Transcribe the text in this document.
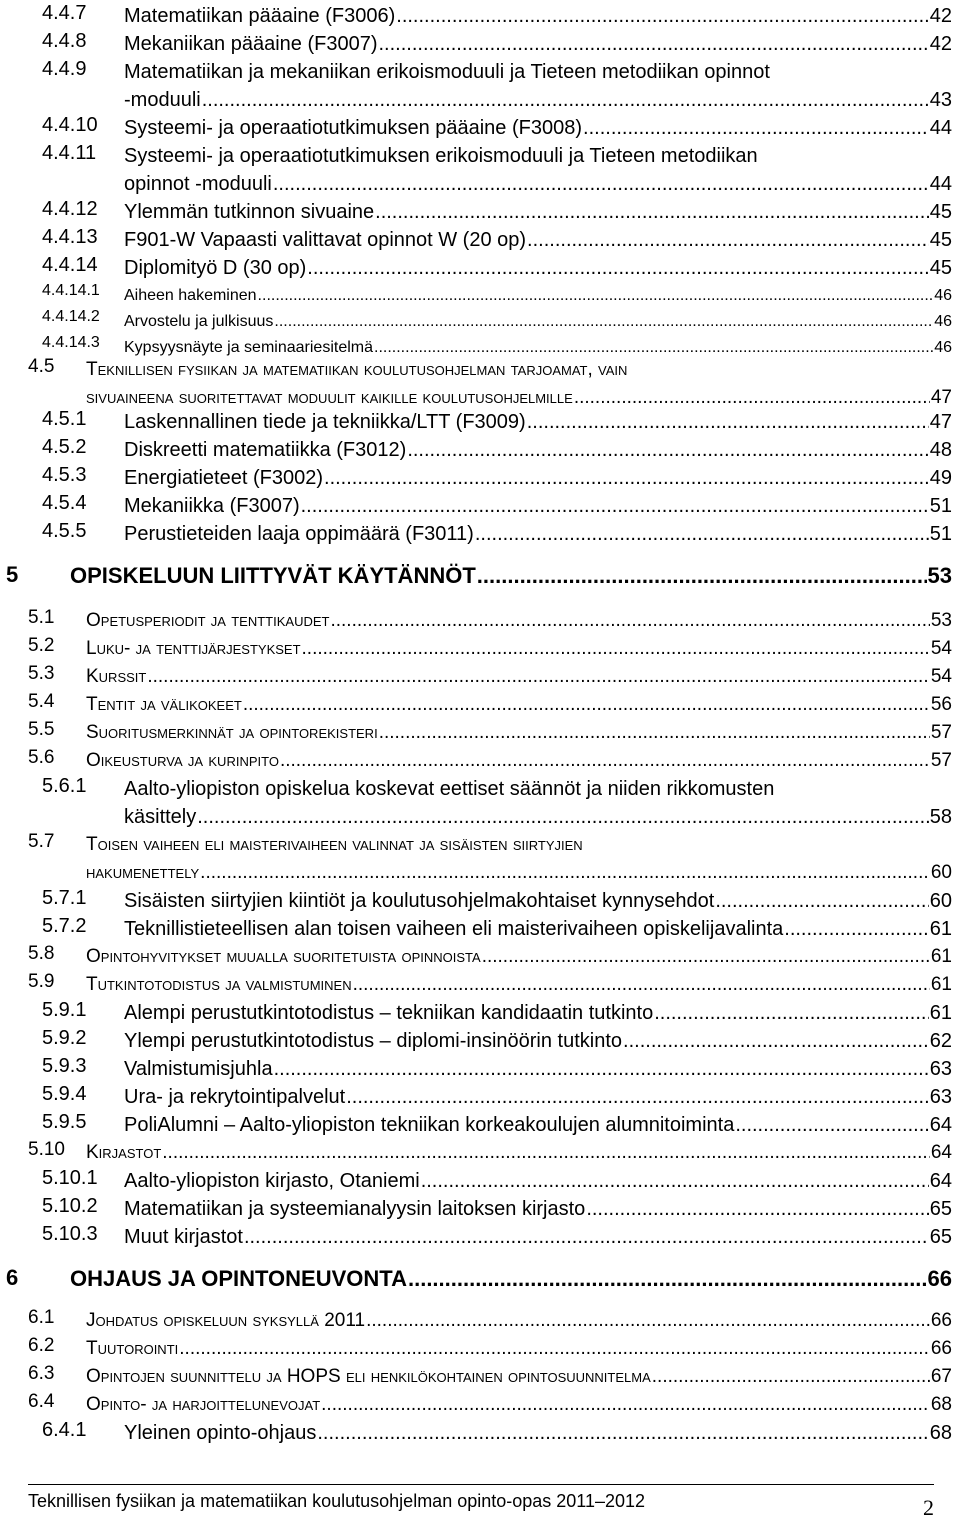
4.4.7 Matematiikan pääaine (F3006) .....	42
4.4.8 Mekaniikan pääaine (F3007) .....	42
4.4.9 Matematiikan ja mekaniikan erikoismoduuli ja Tieteen metodiikan opinnot
-moduuli .....	43
4.4.10 Systeemi- ja operaatiotutkimuksen pääaine (F3008) .....	44
4.4.11 Systeemi- ja operaatiotutkimuksen erikoismoduuli ja Tieteen metodiikan
opinnot -moduuli .....	44
4.4.12 Ylemmän tutkinnon sivuaine .....	45
4.4.13 F901-W Vapaasti valittavat opinnot W (20 op) .....	45
4.4.14 Diplomityö D (30 op) .....	45
4.4.14.1 Aiheen hakeminen .....	46
4.4.14.2 Arvostelu ja julkisuus .....	46
4.4.14.3 Kypsyysnäyte ja seminaariesitelmä .....	46
4.5 Teknillisen fysiikan ja matematiikan koulutusohjelman tarjoamat, vain
sivuaineena suoritettavat moduulit kaikille koulutusohjelmille .....	47
4.5.1 Laskennallinen tiede ja tekniikka/LTT (F3009) .....	47
4.5.2 Diskreetti matematiikka (F3012) .....	48
4.5.3 Energiatieteet (F3002) .....	49
4.5.4 Mekaniikka (F3007) .....	51
4.5.5 Perustieteiden laaja oppimäärä (F3011) .....	51
5 OPISKELUUN LIITTYVÄT KÄYTÄNNÖT .....	53
5.1 Opetusperiodit ja tenttikaudet .....	53
5.2 Luku- ja tenttijärjestykset .....	54
5.3 Kurssit .....	54
5.4 Tentit ja välikokeet .....	56
5.5 Suoritusmerkinnät ja opintorekisteri .....	57
5.6 Oikeusturva ja kurinpito .....	57
5.6.1 Aalto-yliopiston opiskelua koskevat eettiset säännöt ja niiden rikkomusten
käsittely .....	58
5.7 Toisen vaiheen eli maisterivaiheen valinnat ja sisäisten siirtyjien
hakumenettely .....	60
5.7.1 Sisäisten siirtyjien kiintiöt ja koulutusohjelmakohtaiset kynnysehdot .....	60
5.7.2 Teknillistieteellisen alan toisen vaiheen eli maisterivaiheen opiskelijavalinta .....	61
5.8 Opintohyvitykset muualla suoritetuista opinnoista .....	61
5.9 Tutkintotodistus ja valmistuminen .....	61
5.9.1 Alempi perustutkintotodistus – tekniikan kandidaatin tutkinto .....	61
5.9.2 Ylempi perustutkintotodistus – diplomi-insinöörin tutkinto .....	62
5.9.3 Valmistumisjuhla .....	63
5.9.4 Ura- ja rekrytointipalvelut .....	63
5.9.5 PoliAlumni – Aalto-yliopiston tekniikan korkeakoulujen alumnitoiminta .....	64
5.10 Kirjastot .....	64
5.10.1 Aalto-yliopiston kirjasto, Otaniemi .....	64
5.10.2 Matematiikan ja systeemianalyysin laitoksen kirjasto .....	65
5.10.3 Muut kirjastot .....	65
6 OHJAUS JA OPINTONEUVONTA .....	66
6.1 Johdatus opiskeluun syksyllä 2011 .....	66
6.2 Tuutorointi .....	66
6.3 Opintojen suunnittelu ja HOPS eli henkilökohtainen opintosuunnitelma .....	67
6.4 Opinto- ja harjoittelunevojat .....	68
6.4.1 Yleinen opinto-ohjaus .....	68
Teknillisen fysiikan ja matematiikan koulutusohjelman opinto-opas 2011–2012	2
